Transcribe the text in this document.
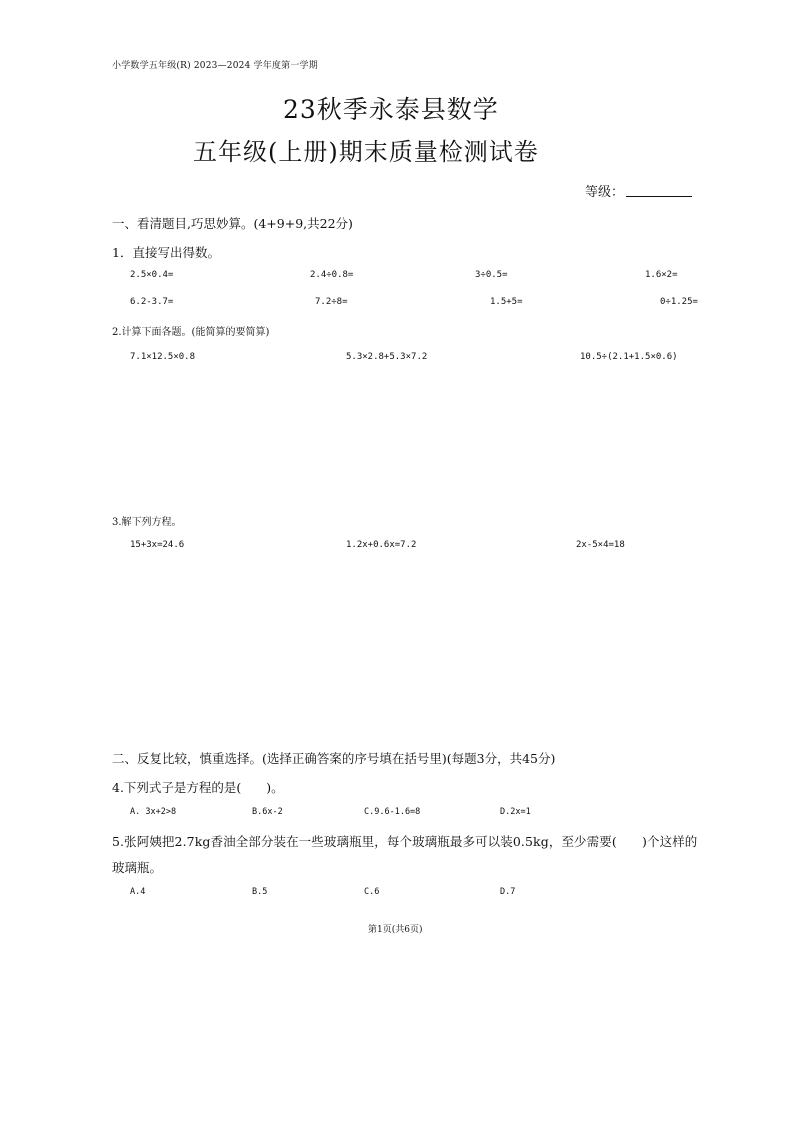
小学数学五年级(R) 2023—2024 学年度第一学期
23秋季永泰县数学
五年级(上册)期末质量检测试卷
等级：
一、看清题目,巧思妙算。(4+9+9,共22分)
1．直接写出得数。
2.5×0.4=	2.4÷0.8=	3÷0.5=	1.6×2=
6.2-3.7=	7.2÷8=	1.5+5=	0÷1.25=
2.计算下面各题。(能简算的要简算)
7.1×12.5×0.8	5.3×2.8+5.3×7.2	10.5÷(2.1+1.5×0.6)
3.解下列方程。
15+3x=24.6	1.2x+0.6x=7.2	2x-5×4=18
二、反复比较，慎重选择。(选择正确答案的序号填在括号里)(每题3分，共45分)
4.下列式子是方程的是(　　)。
A. 3x+2>8	B.6x-2	C.9.6-1.6=8	D.2x=1
5.张阿姨把2.7kg香油全部分装在一些玻璃瓶里，每个玻璃瓶最多可以装0.5kg，至少需要(　　)个这样的
玻璃瓶。
A.4	B.5	C.6	D.7
第1页(共6页)
